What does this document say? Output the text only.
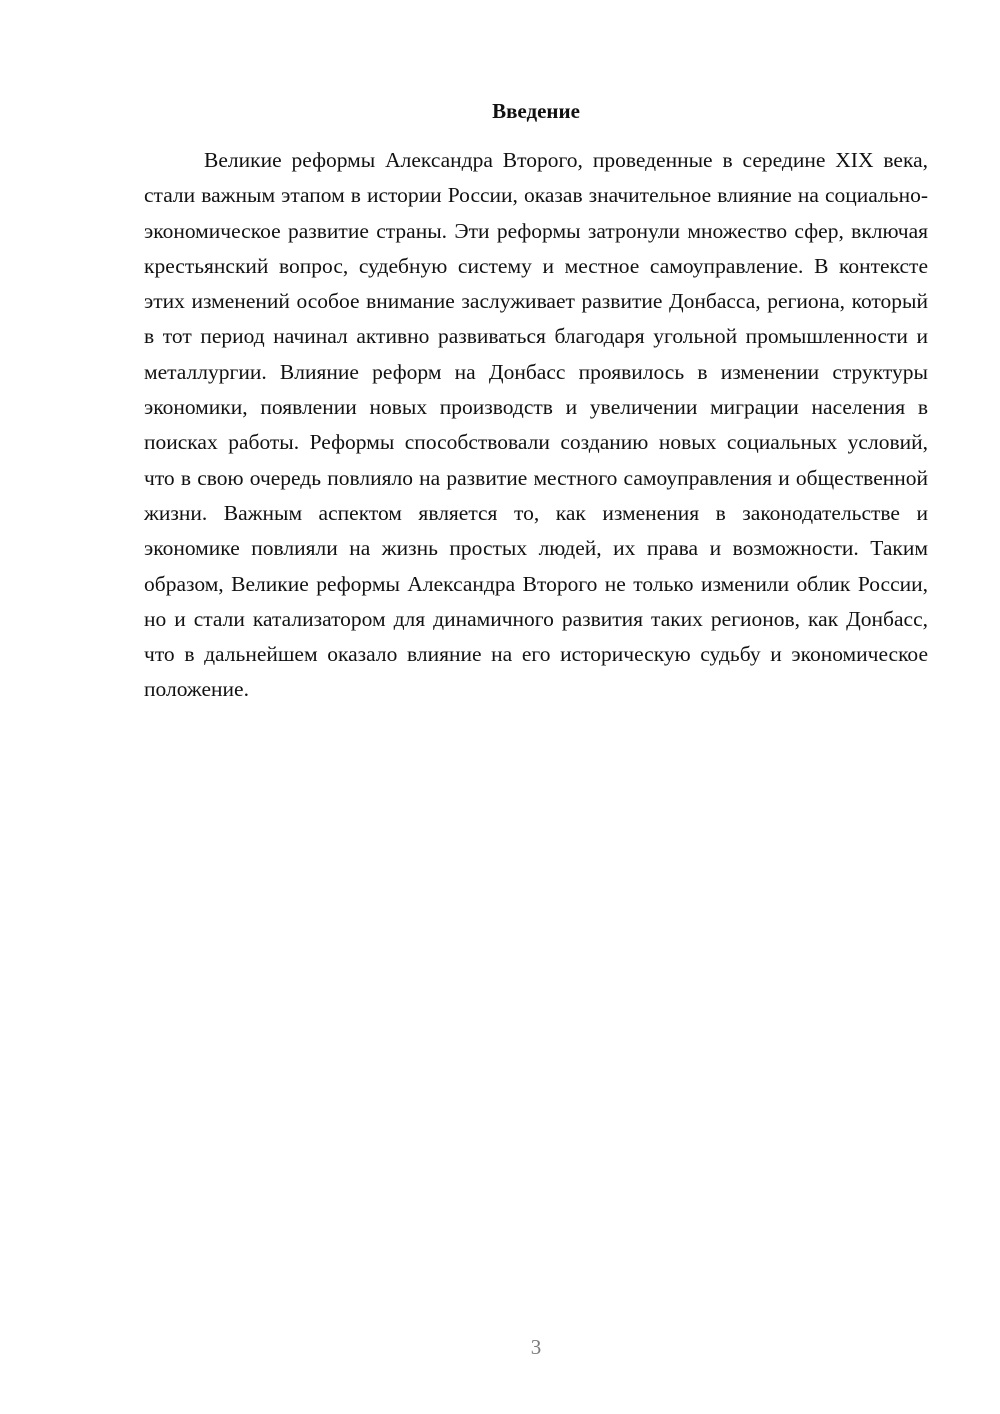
Введение

Великие реформы Александра Второго, проведенные в середине XIX века, стали важным этапом в истории России, оказав значительное влияние на социально-экономическое развитие страны. Эти реформы затронули множество сфер, включая крестьянский вопрос, судебную систему и местное самоуправление. В контексте этих изменений особое внимание заслуживает развитие Донбасса, региона, который в тот период начинал активно развиваться благодаря угольной промышленности и металлургии. Влияние реформ на Донбасс проявилось в изменении структуры экономики, появлении новых производств и увеличении миграции населения в поисках работы. Реформы способствовали созданию новых социальных условий, что в свою очередь повлияло на развитие местного самоуправления и общественной жизни. Важным аспектом является то, как изменения в законодательстве и экономике повлияли на жизнь простых людей, их права и возможности. Таким образом, Великие реформы Александра Второго не только изменили облик России, но и стали катализатором для динамичного развития таких регионов, как Донбасс, что в дальнейшем оказало влияние на его историческую судьбу и экономическое положение.

3
